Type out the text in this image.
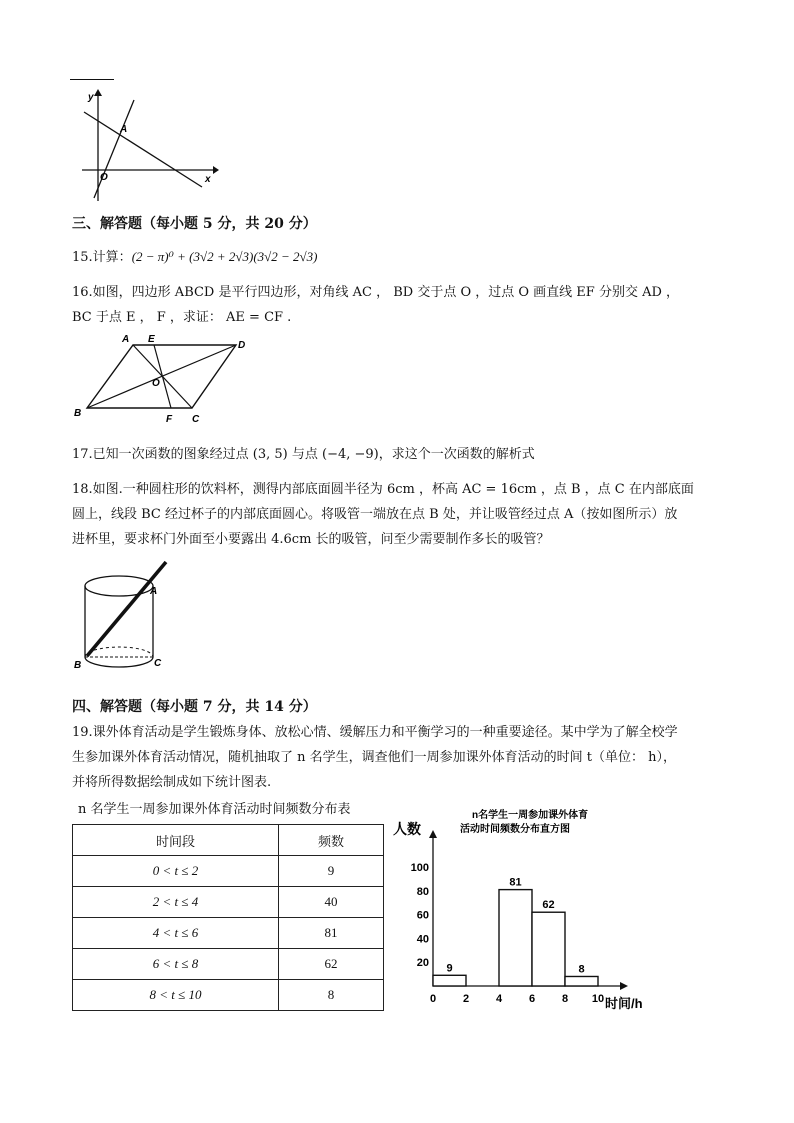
y
x
O
A
三、解答题（每小题 5 分，共 20 分）
15.计算：(2 − π)⁰ + (3√2 + 2√3)(3√2 − 2√3)
16.如图，四边形 ABCD 是平行四边形，对角线 AC ， BD 交于点 O ，过点 O 画直线 EF 分别交 AD ，
BC 于点 E ， F ，求证： AE = CF .
A E
D
O
B
F C
17.已知一次函数的图象经过点 (3, 5) 与点 (−4, −9)，求这个一次函数的解析式
18.如图.一种圆柱形的饮料杯，测得内部底面圆半径为 6cm ，杯高 AC = 16cm ，点 B ，点 C 在内部底面
圆上，线段 BC 经过杯子的内部底面圆心。将吸管一端放在点 B 处，并让吸管经过点 A（按如图所示）放
进杯里，要求杯门外面至小要露出 4.6cm 长的吸管，问至少需要制作多长的吸管？
A
B	C
四、解答题（每小题 7 分，共 14 分）
19.课外体育活动是学生锻炼身体、放松心情、缓解压力和平衡学习的一种重要途径。某中学为了解全校学
生参加课外体育活动情况，随机抽取了 n 名学生，调查他们一周参加课外体育活动的时间 t（单位： h），
并将所得数据绘制成如下统计图表.
n 名学生一周参加课外体育活动时间频数分布表
时间段	频数
0 < t ≤ 2	9
2 < t ≤ 4	40
4 < t ≤ 6	81
6 < t ≤ 8	62
8 < t ≤ 10	8
n名学生一周参加课外体育
活动时间频数分布直方图
人数
时间/h
9
81
62
8
20
40
60
80
100
0 2 4 6 8 10
